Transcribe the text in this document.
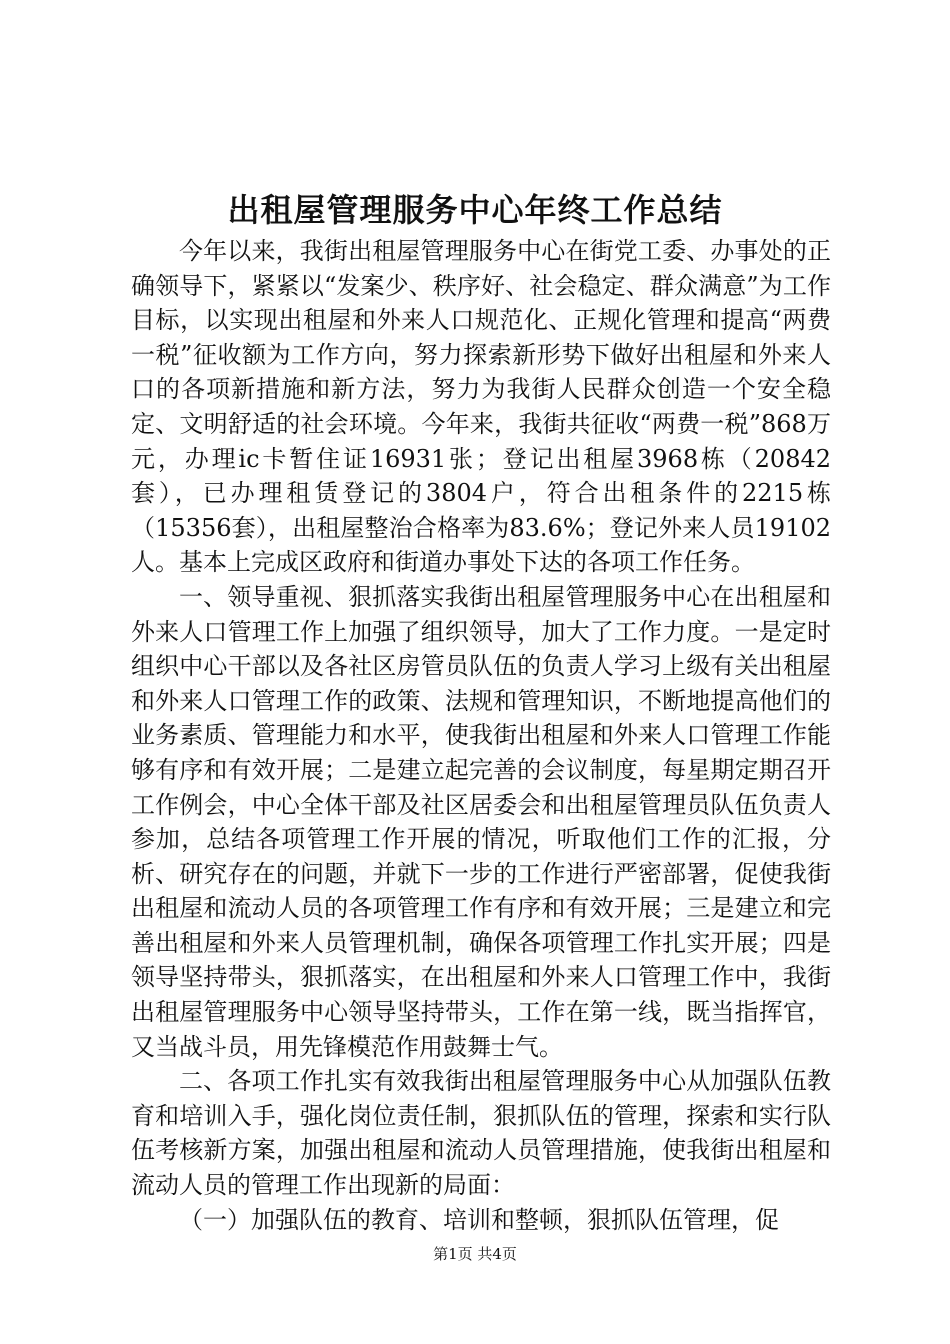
出租屋管理服务中心年终工作总结

今年以来，我街出租屋管理服务中心在街党工委、办事处的正确领导下，紧紧以“发案少、秩序好、社会稳定、群众满意”为工作目标，以实现出租屋和外来人口规范化、正规化管理和提高“两费一税”征收额为工作方向，努力探索新形势下做好出租屋和外来人口的各项新措施和新方法，努力为我街人民群众创造一个安全稳定、文明舒适的社会环境。今年来，我街共征收“两费一税”868万元，办理ic卡暂住证16931张；登记出租屋3968栋（20842套），已办理租赁登记的3804户，符合出租条件的2215栋（15356套），出租屋整治合格率为83.6%；登记外来人员19102人。基本上完成区政府和街道办事处下达的各项工作任务。

一、领导重视、狠抓落实我街出租屋管理服务中心在出租屋和外来人口管理工作上加强了组织领导，加大了工作力度。一是定时组织中心干部以及各社区房管员队伍的负责人学习上级有关出租屋和外来人口管理工作的政策、法规和管理知识，不断地提高他们的业务素质、管理能力和水平，使我街出租屋和外来人口管理工作能够有序和有效开展；二是建立起完善的会议制度，每星期定期召开工作例会，中心全体干部及社区居委会和出租屋管理员队伍负责人参加，总结各项管理工作开展的情况，听取他们工作的汇报，分析、研究存在的问题，并就下一步的工作进行严密部署，促使我街出租屋和流动人员的各项管理工作有序和有效开展；三是建立和完善出租屋和外来人员管理机制，确保各项管理工作扎实开展；四是领导坚持带头，狠抓落实，在出租屋和外来人口管理工作中，我街出租屋管理服务中心领导坚持带头，工作在第一线，既当指挥官，又当战斗员，用先锋模范作用鼓舞士气。

二、各项工作扎实有效我街出租屋管理服务中心从加强队伍教育和培训入手，强化岗位责任制，狠抓队伍的管理，探索和实行队伍考核新方案，加强出租屋和流动人员管理措施，使我街出租屋和流动人员的管理工作出现新的局面：

（一）加强队伍的教育、培训和整顿，狠抓队伍管理，促

第1页 共4页
